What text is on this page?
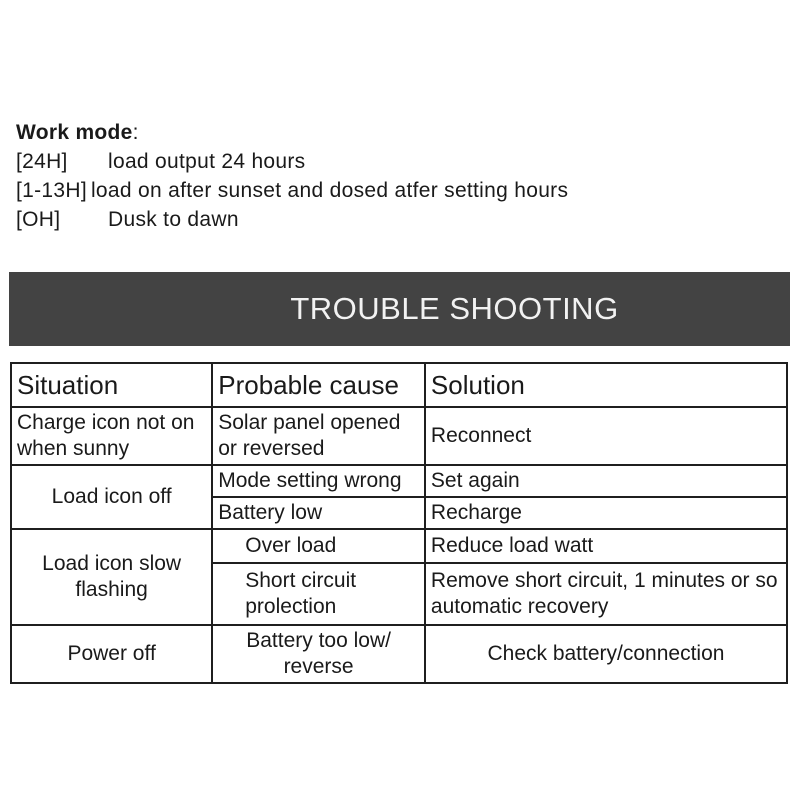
Work mode:
[24H]	load output 24 hours
[1-13H] load on after sunset and dosed atfer setting hours
[OH]	Dusk to dawn
TROUBLE SHOOTING
Situation	Probable cause	Solution
Charge icon not on when sunny	Solar panel opened or reversed	Reconnect
Load icon off	Mode setting wrong	Set again
	Battery low	Recharge
Load icon slow flashing	Over load	Reduce load watt
	Short circuit prolection	Remove short circuit, 1 minutes or so automatic recovery
Power off	Battery too low/ reverse	Check battery/connection
